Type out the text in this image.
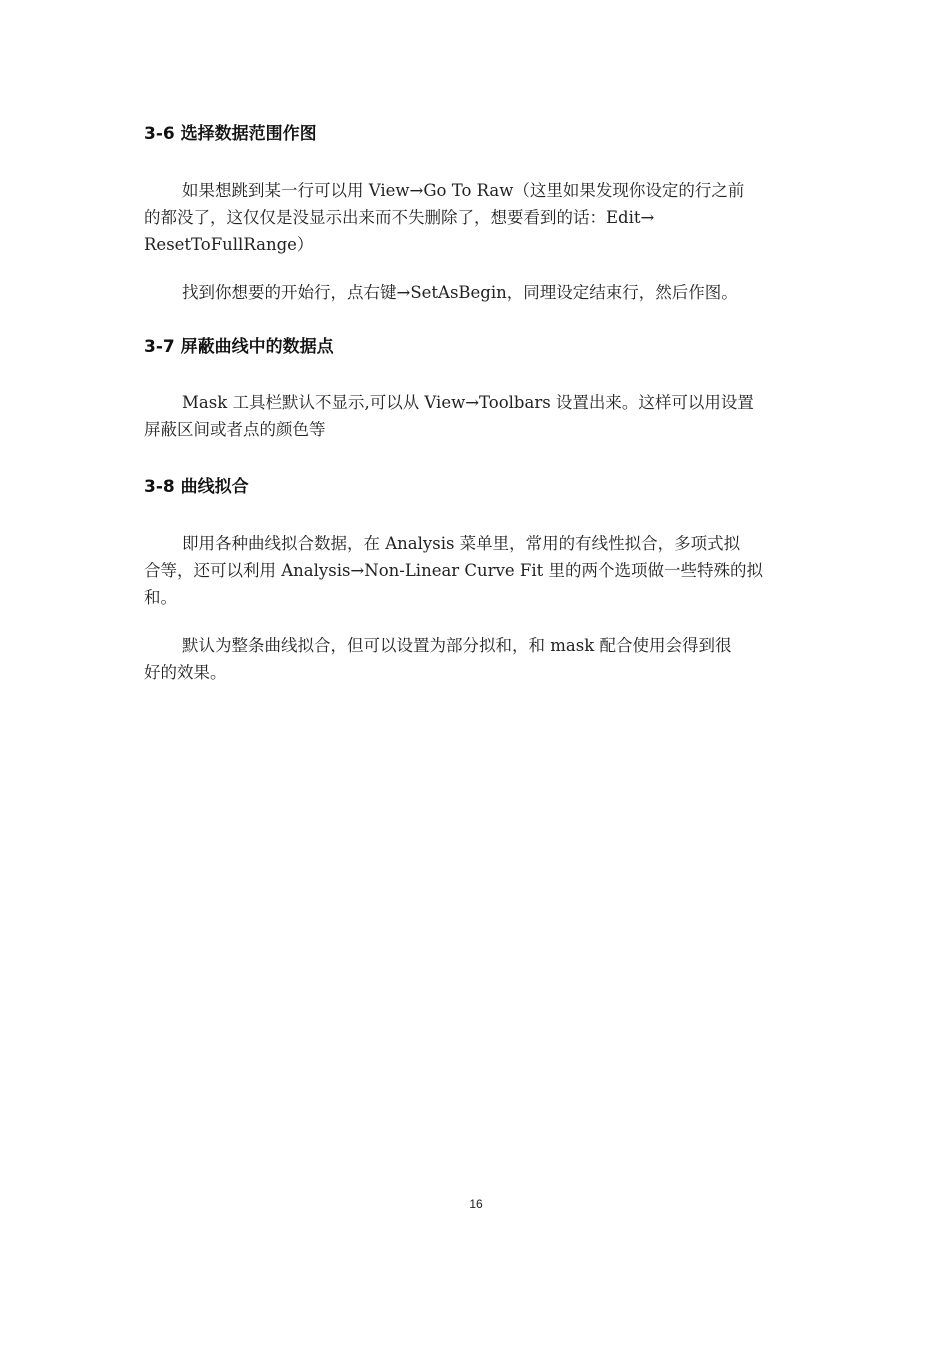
3-6 选择数据范围作图

如果想跳到某一行可以用 View→Go To Raw（这里如果发现你设定的行之前
的都没了，这仅仅是没显示出来而不失删除了，想要看到的话：Edit→
ResetToFullRange）

找到你想要的开始行，点右键→SetAsBegin，同理设定结束行，然后作图。

3-7 屏蔽曲线中的数据点

Mask 工具栏默认不显示,可以从 View→Toolbars 设置出来。这样可以用设置
屏蔽区间或者点的颜色等

3-8 曲线拟合

即用各种曲线拟合数据，在 Analysis 菜单里，常用的有线性拟合，多项式拟
合等，还可以利用 Analysis→Non-Linear Curve Fit 里的两个选项做一些特殊的拟
和。

默认为整条曲线拟合，但可以设置为部分拟和，和 mask 配合使用会得到很
好的效果。

16
